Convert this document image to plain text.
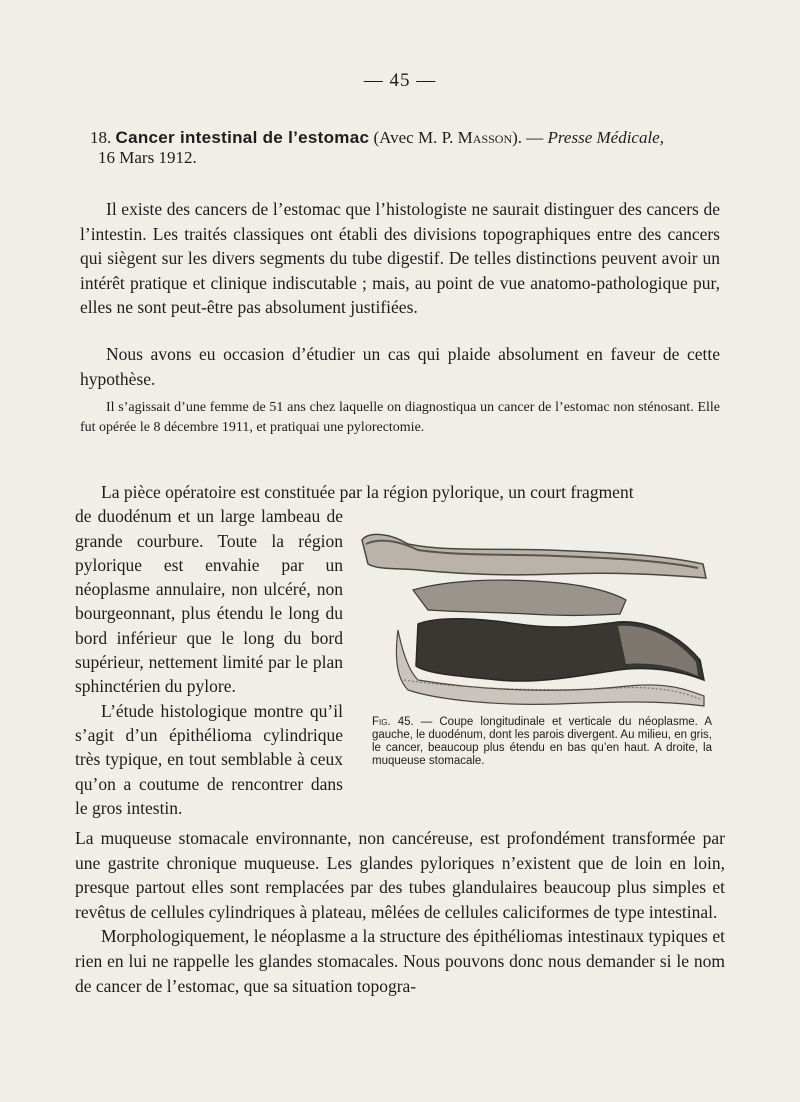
— 45 —
18. Cancer intestinal de l’estomac (Avec M. P. Masson). — Presse Médicale,
16 Mars 1912.

Il existe des cancers de l’estomac que l’histologiste ne saurait distinguer des cancers de l’intestin. Les traités classiques ont établi des divisions topographiques entre des cancers qui siègent sur les divers segments du tube digestif. De telles distinctions peuvent avoir un intérêt pratique et clinique indiscutable ; mais, au point de vue anatomo-pathologique pur, elles ne sont peut-être pas absolument justifiées.

Nous avons eu occasion d’étudier un cas qui plaide absolument en faveur de cette hypothèse.

Il s’agissait d’une femme de 51 ans chez laquelle on diagnostiqua un cancer de l’estomac non sténosant. Elle fut opérée le 8 décembre 1911, et pratiquai une pylorectomie.

La pièce opératoire est constituée par la région pylorique, un court fragment

de duodénum et un large lambeau de grande courbure. Toute la région pylorique est envahie par un néoplasme annulaire, non ulcéré, non bourgeonnant, plus étendu le long du bord inférieur que le long du bord supérieur, nettement limité par le plan sphinctérien du pylore.

L’étude histologique montre qu’il s’agit d’un épithélioma cylindrique très typique, en tout semblable à ceux qu’on a coutume de rencontrer dans le gros intestin.

Fig. 45. — Coupe longitudinale et verticale du néoplasme. A gauche, le duodénum, dont les parois divergent. Au milieu, en gris, le cancer, beaucoup plus étendu en bas qu’en haut. A droite, la muqueuse stomacale.

La muqueuse stomacale environnante, non cancéreuse, est profondément transformée par une gastrite chronique muqueuse. Les glandes pyloriques n’existent que de loin en loin, presque partout elles sont remplacées par des tubes glandulaires beaucoup plus simples et revêtus de cellules cylindriques à plateau, mêlées de cellules caliciformes de type intestinal.

Morphologiquement, le néoplasme a la structure des épithéliomas intestinaux typiques et rien en lui ne rappelle les glandes stomacales. Nous pouvons donc nous demander si le nom de cancer de l’estomac, que sa situation topogra-
